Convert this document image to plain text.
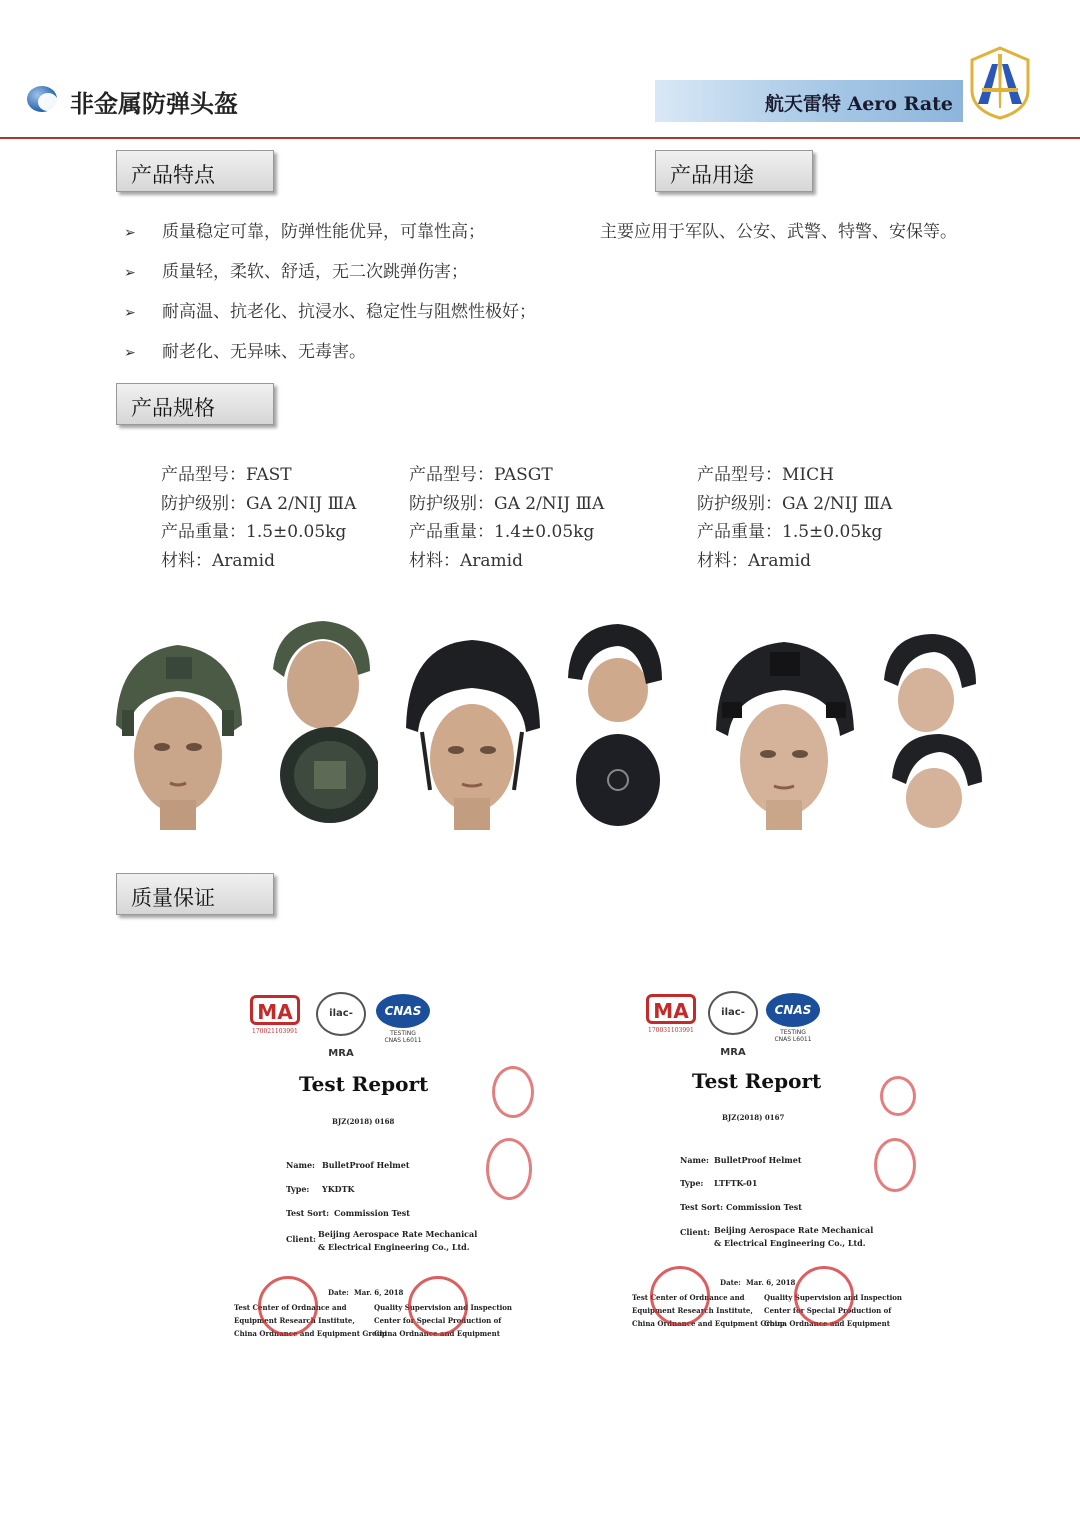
非金属防弹头盔	航天雷特 Aero Rate
产品特点	产品用途
➢ 质量稳定可靠，防弹性能优异，可靠性高；
➢ 质量轻，柔软、舒适，无二次跳弹伤害；
➢ 耐高温、抗老化、抗浸水、稳定性与阻燃性极好；
➢ 耐老化、无异味、无毒害。
主要应用于军队、公安、武警、特警、安保等。
产品规格
产品型号：FAST
防护级别：GA 2/NIJ ⅢA
产品重量：1.5±0.05kg
材料：Aramid
产品型号：PASGT
防护级别：GA 2/NIJ ⅢA
产品重量：1.4±0.05kg
材料：Aramid
产品型号：MICH
防护级别：GA 2/NIJ ⅢA
产品重量：1.5±0.05kg
材料：Aramid
质量保证
MA
170021103991
ilac-MRA
CNAS
TESTING
CNAS L6011
Test Report
BJZ(2018) 0168
Name: BulletProof Helmet
Type: YKDTK
Test Sort: Commission Test
Client: Beijing Aerospace Rate Mechanical
& Electrical Engineering Co., Ltd.
Date: Mar. 6, 2018
Test Center of Ordnance and
Equipment Research Institute,
China Ordnance and Equipment Group
Quality Supervision and Inspection
Center for Special Production of
China Ordnance and Equipment
MA
170031103991
ilac-MRA
CNAS
TESTING
CNAS L6011
Test Report
BJZ(2018) 0167
Name: BulletProof Helmet
Type: LTFTK-01
Test Sort: Commission Test
Client: Beijing Aerospace Rate Mechanical
& Electrical Engineering Co., Ltd.
Date: Mar. 6, 2018
Test Center of Ordnance and
Equipment Research Institute,
China Ordnance and Equipment Group
Quality Supervision and Inspection
Center for Special Production of
China Ordnance and Equipment
